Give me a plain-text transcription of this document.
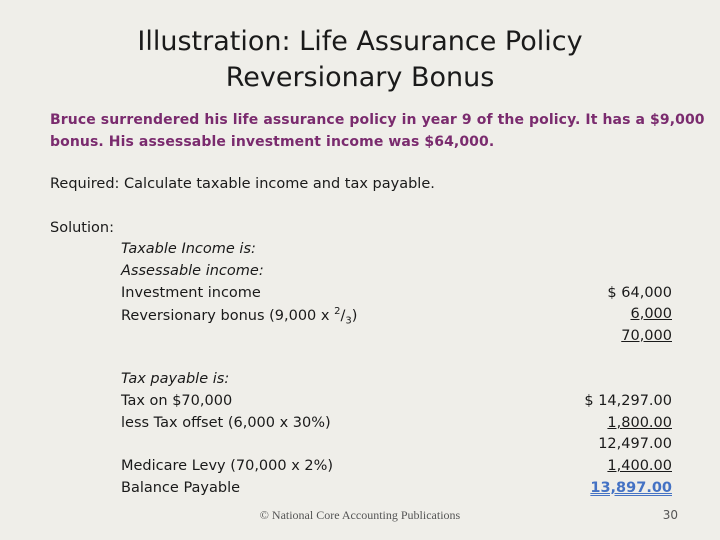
Illustration: Life Assurance Policy
Reversionary Bonus
Bruce surrendered his life assurance policy in year 9 of the policy. It has a $9,000
bonus. His assessable investment income was $64,000.
Required: Calculate taxable income and tax payable.
Solution:
Taxable Income is:
Assessable income:
Investment income
Reversionary bonus (9,000 x $^2/_3$)
$ 64,000
6,000
70,000
Tax payable is:
Tax on $70,000
less Tax offset (6,000 x 30%)
Medicare Levy (70,000 x 2%)
Balance Payable
$ 14,297.00
1,800.00
12,497.00
1,400.00
13,897.00
© National Core Accounting Publications	30
